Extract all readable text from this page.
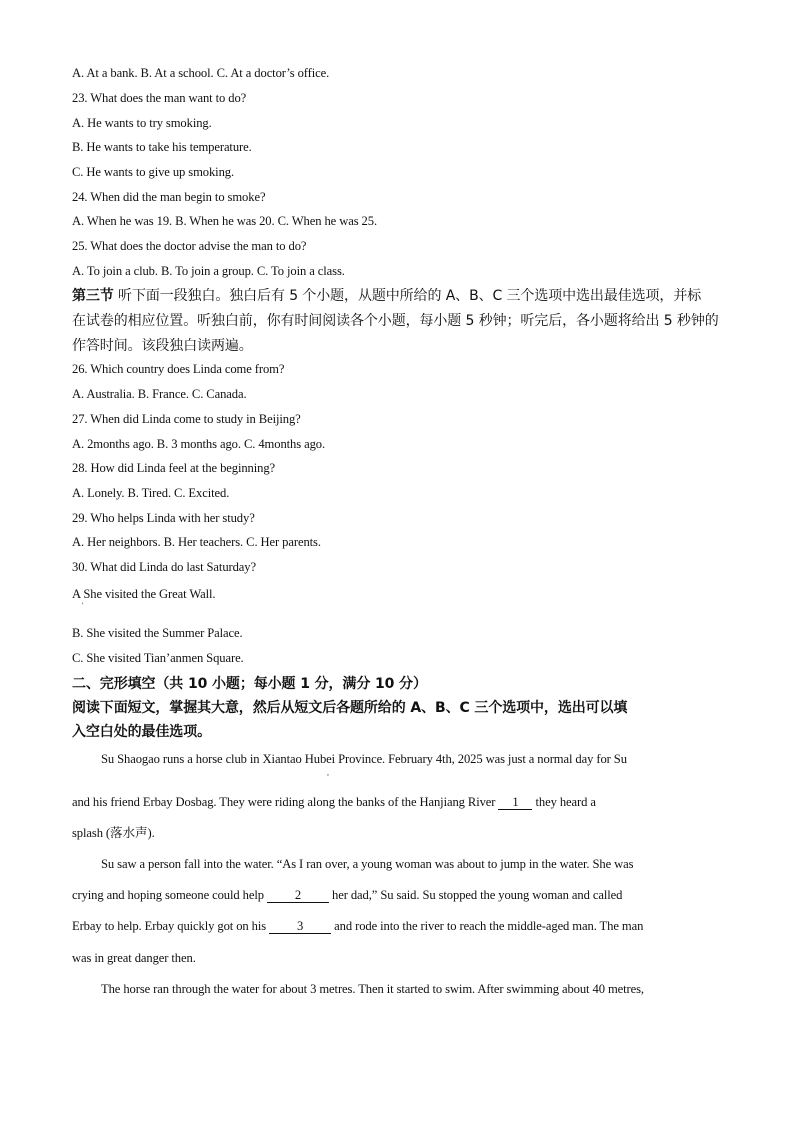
A. At a bank. B. At a school. C. At a doctor’s office.
23. What does the man want to do?
A. He wants to try smoking.
B. He wants to take his temperature.
C. He wants to give up smoking.
24. When did the man begin to smoke?
A. When he was 19. B. When he was 20. C. When he was 25.
25. What does the doctor advise the man to do?
A. To join a club. B. To join a group. C. To join a class.
第三节 听下面一段独白。独白后有 5 个小题，从题中所给的 A、B、C 三个选项中选出最佳选项，并标
在试卷的相应位置。听独白前，你有时间阅读各个小题，每小题 5 秒钟；听完后，各小题将给出 5 秒钟的
作答时间。该段独白读两遍。
26. Which country does Linda come from?
A. Australia. B. France. C. Canada.
27. When did Linda come to study in Beijing?
A. 2months ago. B. 3 months ago. C. 4months ago.
28. How did Linda feel at the beginning?
A. Lonely. B. Tired. C. Excited.
29. Who helps Linda with her study?
A. Her neighbors. B. Her teachers. C. Her parents.
30. What did Linda do last Saturday?
A She visited the Great Wall.
'
B. She visited the Summer Palace.
C. She visited Tian’anmen Square.
二、完形填空（共 10 小题；每小题 1 分，满分 10 分）
阅读下面短文，掌握其大意，然后从短文后各题所给的 A、B、C 三个选项中，选出可以填
入空白处的最佳选项。
Su Shaogao runs a horse club in Xiantao Hubei Province. February 4th, 2025 was just a normal day for Su
,
and his friend Erbay Dosbag. They were riding along the banks of the Hanjiang River 1 they heard a
splash (落水声).
Su saw a person fall into the water. “As I ran over, a young woman was about to jump in the water. She was
crying and hoping someone could help 2 her dad,” Su said. Su stopped the young woman and called
Erbay to help. Erbay quickly got on his 3 and rode into the river to reach the middle-aged man. The man
was in great danger then.
The horse ran through the water for about 3 metres. Then it started to swim. After swimming about 40 metres,
